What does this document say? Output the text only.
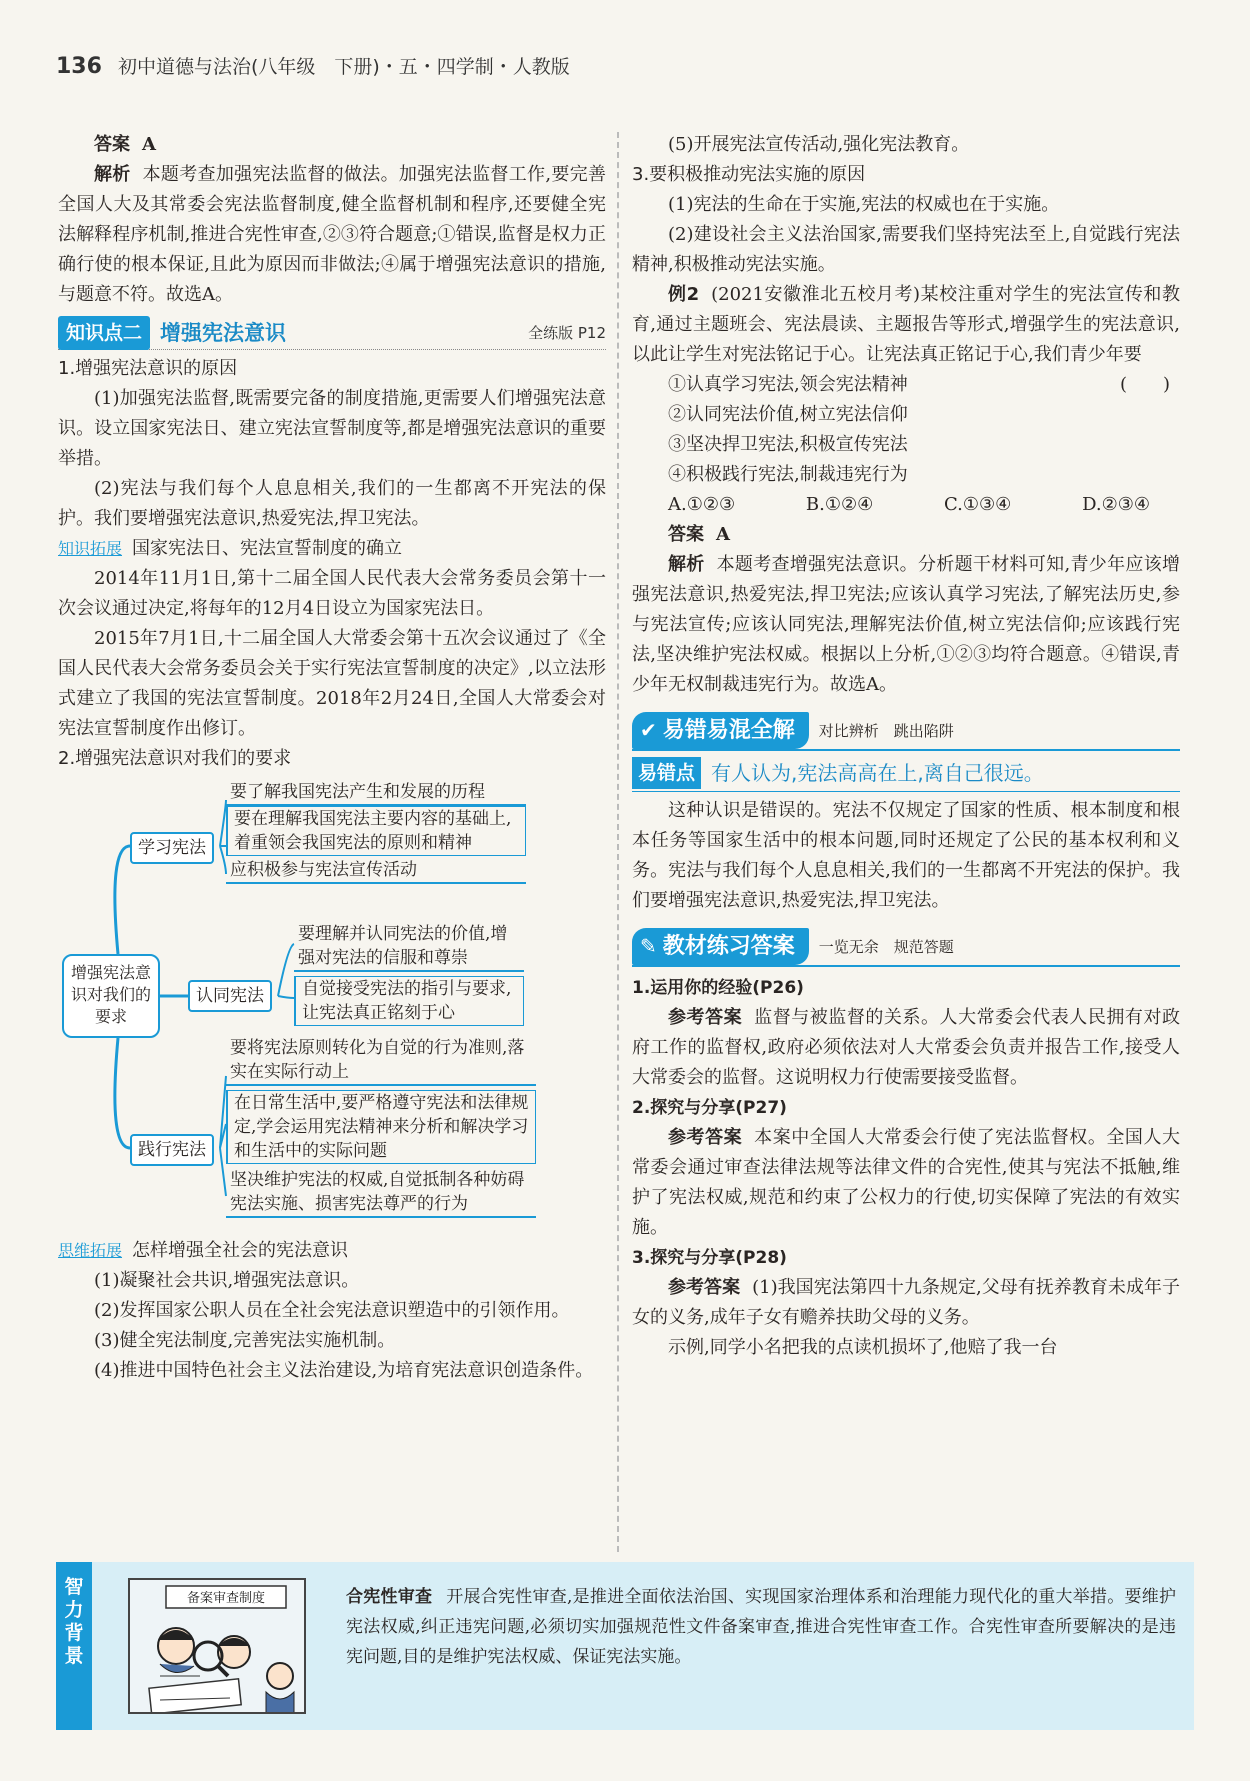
136 初中道德与法治(八年级　下册)・五・四学制・人教版

答案 A

解析 本题考查加强宪法监督的做法。加强宪法监督工作,要完善全国人大及其常委会宪法监督制度,健全监督机制和程序,还要健全宪法解释程序机制,推进合宪性审查,②③符合题意;①错误,监督是权力正确行使的根本保证,且此为原因而非做法;④属于增强宪法意识的措施,与题意不符。故选A。

知识点二 增强宪法意识	全练版 P12

1.增强宪法意识的原因

(1)加强宪法监督,既需要完备的制度措施,更需要人们增强宪法意识。设立国家宪法日、建立宪法宣誓制度等,都是增强宪法意识的重要举措。

(2)宪法与我们每个人息息相关,我们的一生都离不开宪法的保护。我们要增强宪法意识,热爱宪法,捍卫宪法。

知识拓展 国家宪法日、宪法宣誓制度的确立

2014年11月1日,第十二届全国人民代表大会常务委员会第十一次会议通过决定,将每年的12月4日设立为国家宪法日。

2015年7月1日,十二届全国人大常委会第十五次会议通过了《全国人民代表大会常务委员会关于实行宪法宣誓制度的决定》,以立法形式建立了我国的宪法宣誓制度。2018年2月24日,全国人大常委会对宪法宣誓制度作出修订。

2.增强宪法意识对我们的要求

增强宪法意识对我们的要求
学习宪法
要了解我国宪法产生和发展的历程
要在理解我国宪法主要内容的基础上,着重领会我国宪法的原则和精神
应积极参与宪法宣传活动
认同宪法
要理解并认同宪法的价值,增强对宪法的信服和尊崇
自觉接受宪法的指引与要求,让宪法真正铭刻于心
践行宪法
要将宪法原则转化为自觉的行为准则,落实在实际行动上
在日常生活中,要严格遵守宪法和法律规定,学会运用宪法精神来分析和解决学习和生活中的实际问题
坚决维护宪法的权威,自觉抵制各种妨碍宪法实施、损害宪法尊严的行为

思维拓展 怎样增强全社会的宪法意识

(1)凝聚社会共识,增强宪法意识。

(2)发挥国家公职人员在全社会宪法意识塑造中的引领作用。

(3)健全宪法制度,完善宪法实施机制。

(4)推进中国特色社会主义法治建设,为培育宪法意识创造条件。

(5)开展宪法宣传活动,强化宪法教育。

3.要积极推动宪法实施的原因

(1)宪法的生命在于实施,宪法的权威也在于实施。

(2)建设社会主义法治国家,需要我们坚持宪法至上,自觉践行宪法精神,积极推动宪法实施。

例2 (2021安徽淮北五校月考)某校注重对学生的宪法宣传和教育,通过主题班会、宪法晨读、主题报告等形式,增强学生的宪法意识,以此让学生对宪法铭记于心。让宪法真正铭记于心,我们青少年要
(　　)

①认真学习宪法,领会宪法精神

②认同宪法价值,树立宪法信仰

③坚决捍卫宪法,积极宣传宪法

④积极践行宪法,制裁违宪行为

A.①②③	B.①②④	C.①③④	D.②③④

答案 A

解析 本题考查增强宪法意识。分析题干材料可知,青少年应该增强宪法意识,热爱宪法,捍卫宪法;应该认真学习宪法,了解宪法历史,参与宪法宣传;应该认同宪法,理解宪法价值,树立宪法信仰;应该践行宪法,坚决维护宪法权威。根据以上分析,①②③均符合题意。④错误,青少年无权制裁违宪行为。故选A。

✔ 易错易混全解	对比辨析　跳出陷阱
易错点 有人认为,宪法高高在上,离自己很远。

这种认识是错误的。宪法不仅规定了国家的性质、根本制度和根本任务等国家生活中的根本问题,同时还规定了公民的基本权利和义务。宪法与我们每个人息息相关,我们的一生都离不开宪法的保护。我们要增强宪法意识,热爱宪法,捍卫宪法。

✎ 教材练习答案	一览无余　规范答题

1.运用你的经验(P26)

参考答案 监督与被监督的关系。人大常委会代表人民拥有对政府工作的监督权,政府必须依法对人大常委会负责并报告工作,接受人大常委会的监督。这说明权力行使需要接受监督。

2.探究与分享(P27)

参考答案 本案中全国人大常委会行使了宪法监督权。全国人大常委会通过审查法律法规等法律文件的合宪性,使其与宪法不抵触,维护了宪法权威,规范和约束了公权力的行使,切实保障了宪法的有效实施。

3.探究与分享(P28)

参考答案 (1)我国宪法第四十九条规定,父母有抚养教育未成年子女的义务,成年子女有赡养扶助父母的义务。

示例,同学小名把我的点读机损坏了,他赔了我一台

智力背景
备案审查制度	合宪性审查 开展合宪性审查,是推进全面依法治国、实现国家治理体系和治理能力现代化的重大举措。要维护宪法权威,纠正违宪问题,必须切实加强规范性文件备案审查,推进合宪性审查工作。合宪性审查所要解决的是违宪问题,目的是维护宪法权威、保证宪法实施。
